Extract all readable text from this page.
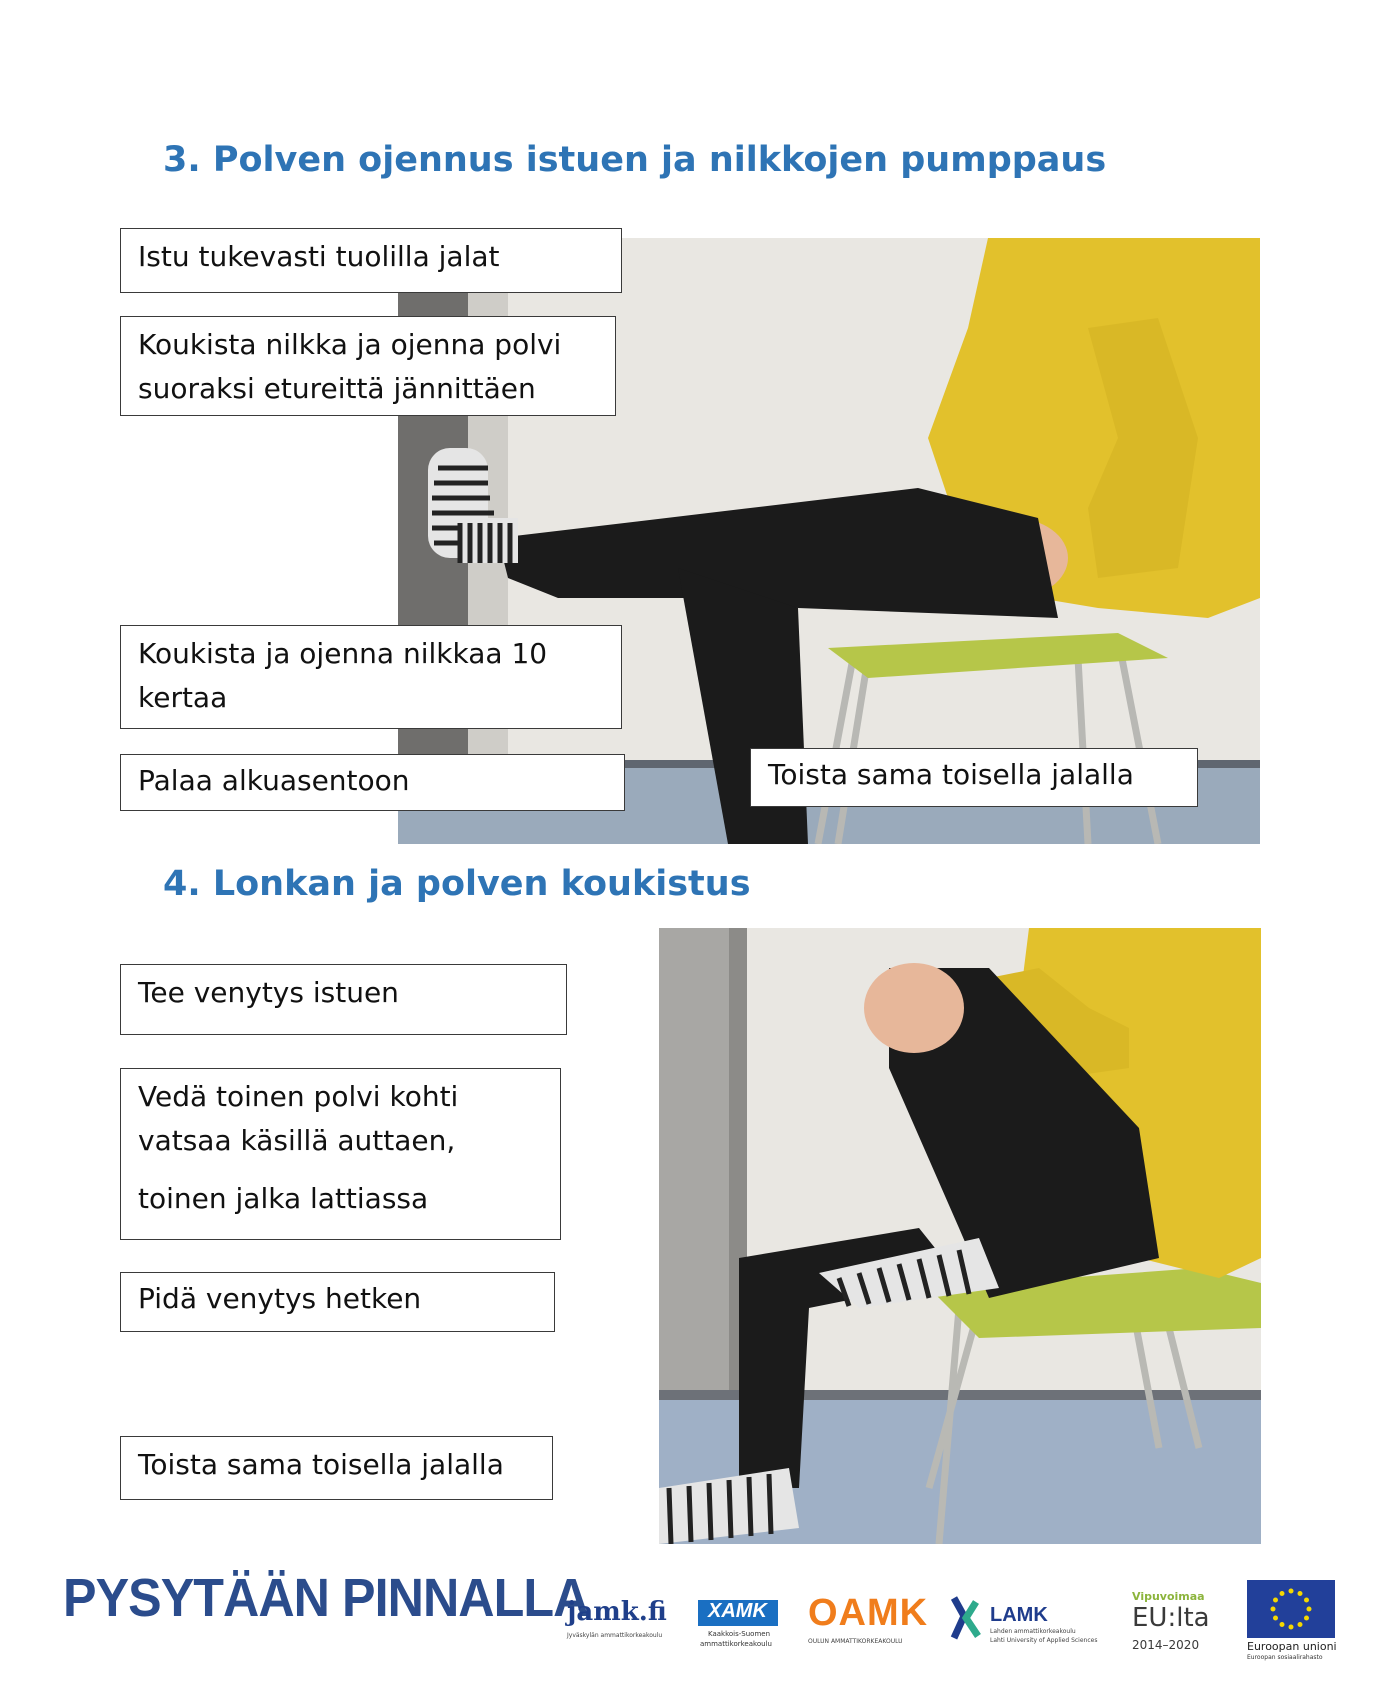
3. Polven ojennus istuen ja nilkkojen pumppaus
Istu tukevasti tuolilla jalat
Koukista nilkka ja ojenna polvi
suoraksi etureittä jännittäen
Koukista ja ojenna nilkkaa 10
kertaa
Palaa alkuasentoon	Toista sama toisella jalalla
4. Lonkan ja polven koukistus
Tee venytys istuen
Vedä toinen polvi kohti
vatsaa käsillä auttaen,
toinen jalka lattiassa
Pidä venytys hetken
Toista sama toisella jalalla
PYSYTÄÄN PINNALLA
jamk.fi
Jyväskylän ammattikorkeakoulu
XAMK
Kaakkois-Suomen
ammattikorkeakoulu
OAMK
OULUN AMMATTIKORKEAKOULU
LAMK
Lahden ammattikorkeakoulu
Lahti University of Applied Sciences
Vipuvoimaa
EU:lta
2014–2020	Euroopan unioni
Euroopan sosiaalirahasto
